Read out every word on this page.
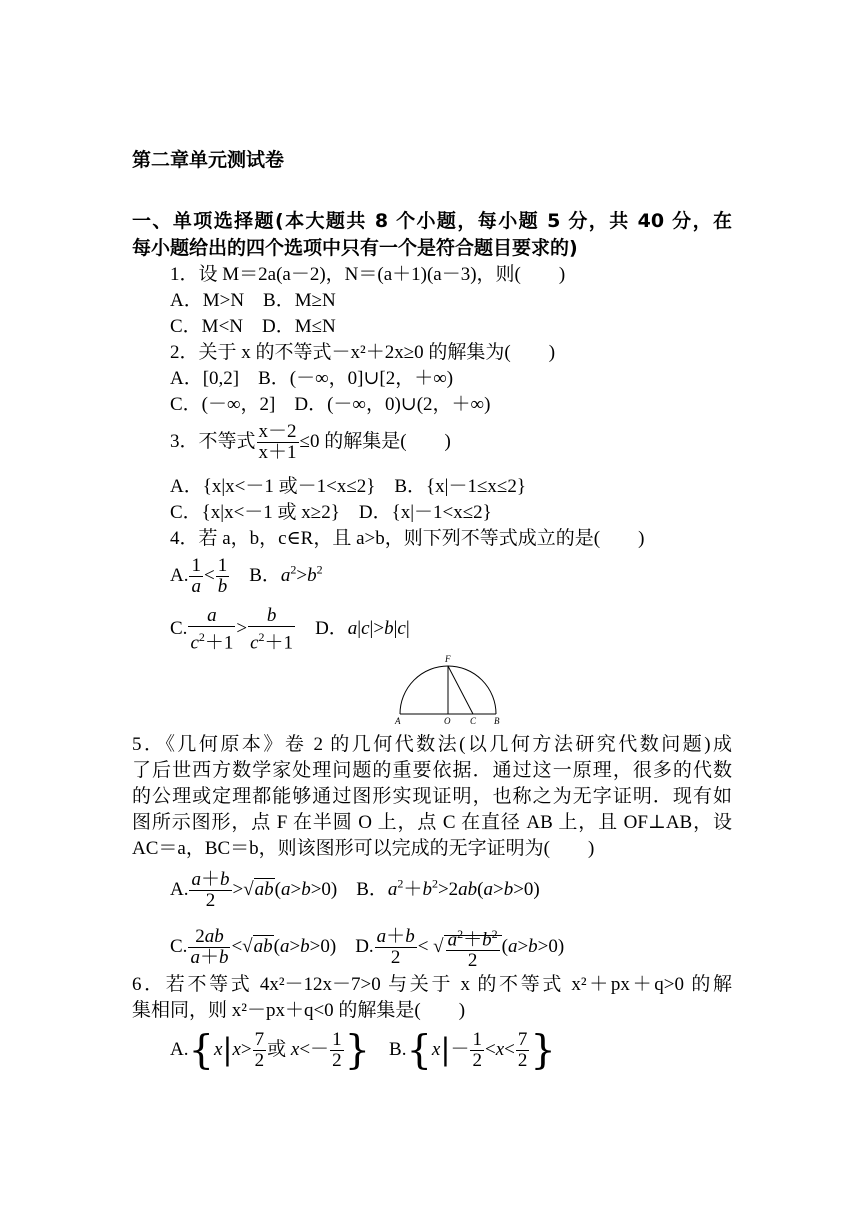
第二章单元测试卷
一、单项选择题(本大题共 8 个小题，每小题 5 分，共 40 分，在
每小题给出的四个选项中只有一个是符合题目要求的)
1．设 M＝2a(a－2)，N＝(a＋1)(a－3)，则(　　)
A．M>N　B．M≥N
C．M<N　D．M≤N
2．关于 x 的不等式－x²＋2x≥0 的解集为(　　)
A．[0,2]　B．(－∞，0]∪[2，＋∞)
C．(－∞，2]　D．(－∞，0)∪(2，＋∞)
3．不等式 $\frac{x-2}{x+1} \le 0$ 的解集是(　　)
A．{x|x<－1 或－1<x≤2}　B．{x|－1≤x≤2}
C．{x|x<－1 或 x≥2}　D．{x|－1<x≤2}
4．若 a，b，c∈R，且 a>b，则下列不等式成立的是(　　)
A. $\frac{1}{a} < \frac{1}{b}$ 　B．$a^2>b^2$
C. $\frac{a}{c^2+1} > \frac{b}{c^2+1}$ 　D．a|c|>b|c|
A	O C B
F
5．《几何原本》卷 2 的几何代数法(以几何方法研究代数问题)成
了后世西方数学家处理问题的重要依据．通过这一原理，很多的代数
的公理或定理都能够通过图形实现证明，也称之为无字证明．现有如
图所示图形，点 F 在半圆 O 上，点 C 在直径 AB 上，且 OF⊥AB，设
AC＝a，BC＝b，则该图形可以完成的无字证明为(　　)
A. $\frac{a+b}{2} >√ab(a>b>0)$　B．$a^2+b^2>2ab(a>b>0)$
C. $\frac{2ab}{a+b} <√ab(a>b>0)$　D. $\frac{a+b}{2}$ < √ $\frac{a^2+b^2}{2} (a>b>0)$
6．若不等式 4x²－12x－7>0 与关于 x 的不等式 x²＋px＋q>0 的解
集相同，则 x²－px＋q<0 的解集是(　　)
$A.\{x|x> \frac{7}{2}$ 或 $x<- \frac{1}{2}$ }　$B.\{x|- \frac{1}{2} <x< \frac{7}{2}$ }
